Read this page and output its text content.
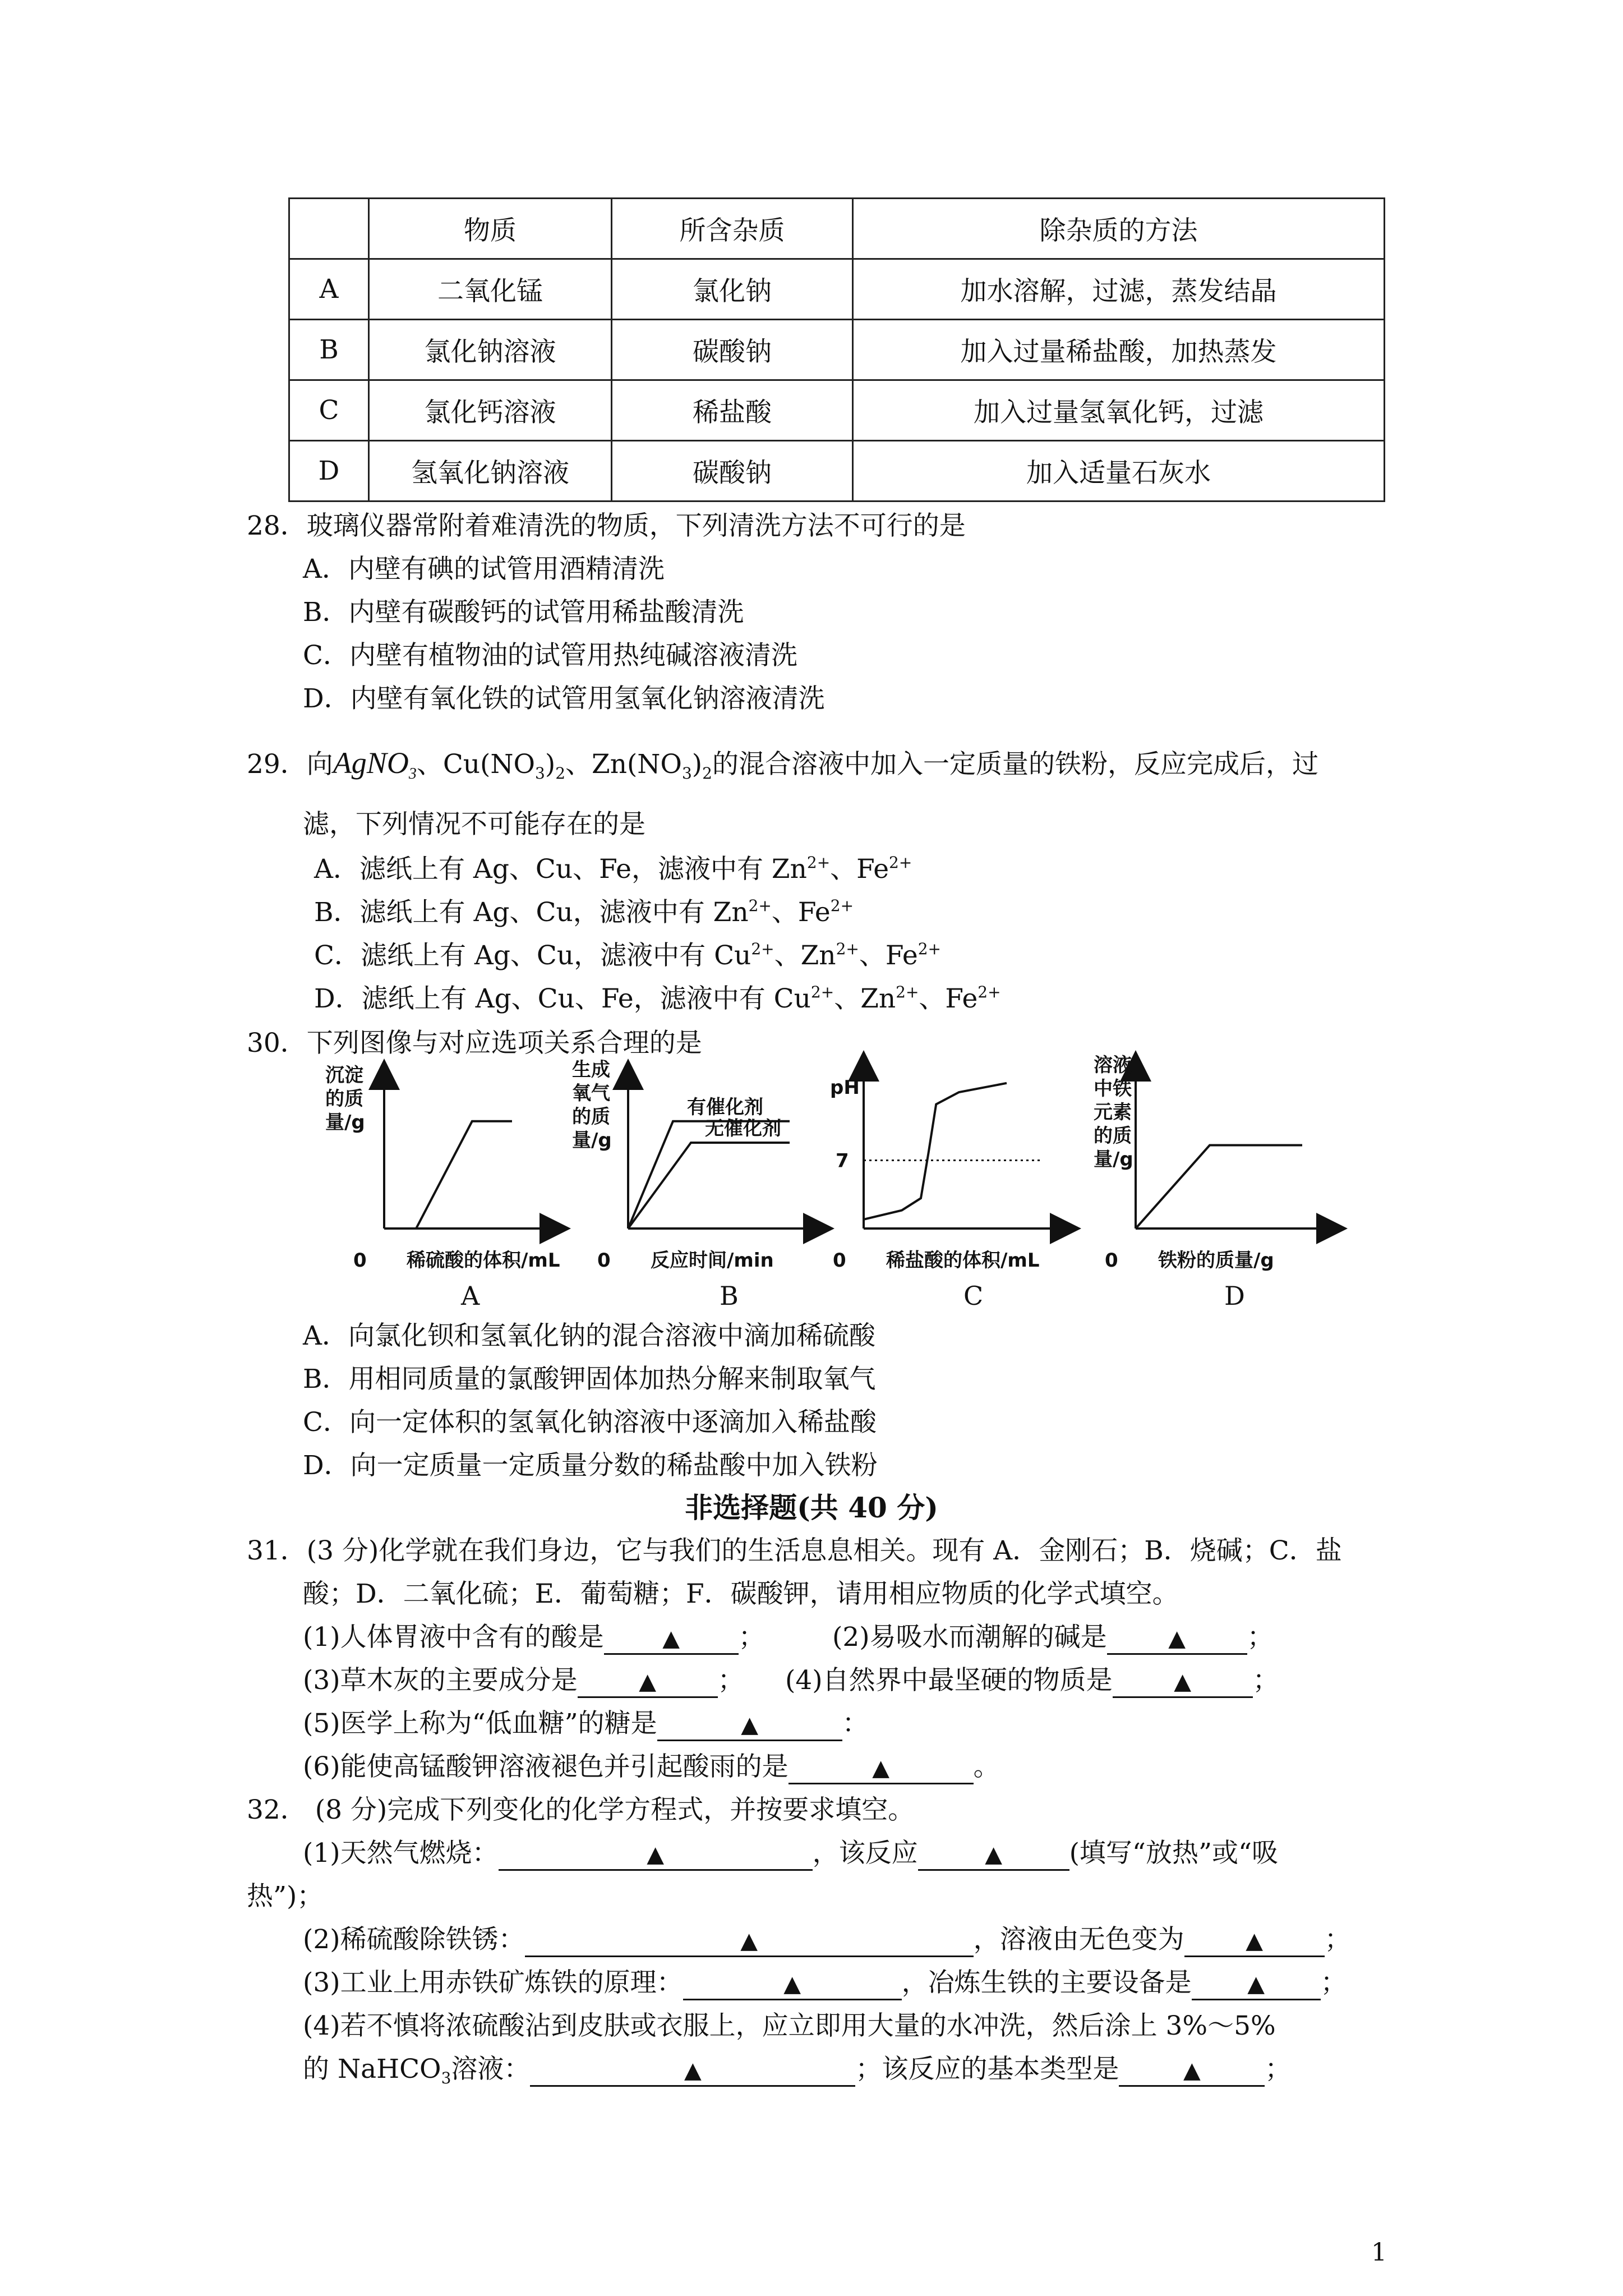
	物质	所含杂质	除杂质的方法
A	二氧化锰	氯化钠	加水溶解，过滤，蒸发结晶
B	氯化钠溶液	碳酸钠	加入过量稀盐酸，加热蒸发
C	氯化钙溶液	稀盐酸	加入过量氢氧化钙，过滤
D	氢氧化钠溶液	碳酸钠	加入适量石灰水
28．玻璃仪器常附着难清洗的物质，下列清洗方法不可行的是
A．内壁有碘的试管用酒精清洗
B．内壁有碳酸钙的试管用稀盐酸清洗
C．内壁有植物油的试管用热纯碱溶液清洗
D．内壁有氧化铁的试管用氢氧化钠溶液清洗
29．向AgNO$_3$、$Cu(NO_3)_2$、$Zn(NO_3)_2$的混合溶液中加入一定质量的铁粉，反应完成后，过
滤，下列情况不可能存在的是
A．滤纸上有 Ag、Cu、Fe，滤液中有 $Zn^{2+}$、$Fe^{2+}$
B．滤纸上有 Ag、Cu，滤液中有 $Zn^{2+}$、$Fe^{2+}$
C．滤纸上有 Ag、Cu，滤液中有 $Cu^{2+}$、$Zn^{2+}$、$Fe^{2+}$
D．滤纸上有 Ag、Cu、Fe，滤液中有 $Cu^{2+}$、$Zn^{2+}$、$Fe^{2+}$
30．下列图像与对应选项关系合理的是
沉淀
的质
量/g
0 稀硫酸的体积/mL
生成
氧气
的质
量/g
0 反应时间/min
有催化剂
无催化剂
pH
0 稀盐酸的体积/mL
7
溶液
中铁
元素
的质
量/g
0 铁粉的质量/g
A	B	C	D
A．向氯化钡和氢氧化钠的混合溶液中滴加稀硫酸
B．用相同质量的氯酸钾固体加热分解来制取氧气
C．向一定体积的氢氧化钠溶液中逐滴加入稀盐酸
D．向一定质量一定质量分数的稀盐酸中加入铁粉
非选择题(共 40 分)
31．(3 分)化学就在我们身边，它与我们的生活息息相关。现有 A．金刚石；B．烧碱；C．盐
酸；D．二氧化硫；E．葡萄糖；F．碳酸钾，请用相应物质的化学式填空。
(1)人体胃液中含有的酸是	▲ ；	(2)易吸水而潮解的碱是	▲ ；
(3)草木灰的主要成分是	▲ ； (4)自然界中最坚硬的物质是	▲ ；
(5)医学上称为“低血糖”的糖是	▲	：
(6)能使高锰酸钾溶液褪色并引起酸雨的是	▲	。
32． (8 分)完成下列变化的化学方程式，并按要求填空。
(1)天然气燃烧：	▲	，该反应	▲	(填写“放热”或“吸
热”)；
(2)稀硫酸除铁锈：	▲	，溶液由无色变为	▲ ；
(3)工业上用赤铁矿炼铁的原理：	▲	，冶炼生铁的主要设备是 ▲ ；
(4)若不慎将浓硫酸沾到皮肤或衣服上，应立即用大量的水冲洗，然后涂上 3%～5%
的 NaHCO$_3$溶液：	▲	；该反应的基本类型是	▲ ；
1
